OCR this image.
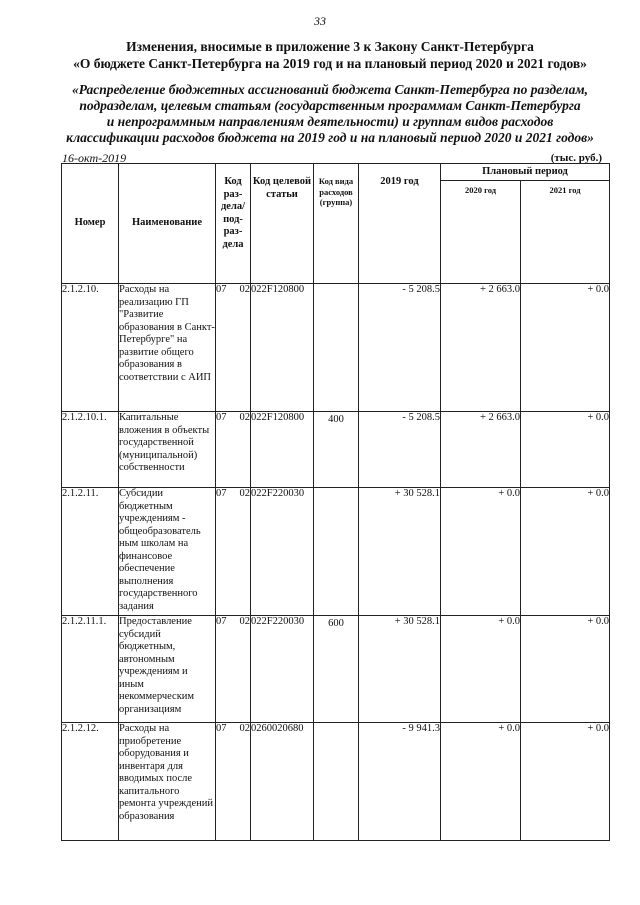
33
Изменения, вносимые в приложение 3 к Закону Санкт-Петербурга
«О бюджете Санкт-Петербурга на 2019 год и на плановый период 2020 и 2021 годов»
«Распределение бюджетных ассигнований бюджета Санкт-Петербурга по разделам,
подразделам, целевым статьям (государственным программам Санкт-Петербурга
и непрограммным направлениям деятельности) и группам видов расходов
классификации расходов бюджета на 2019 год и на плановый период 2020 и 2021 годов»
16-окт-2019	(тыс. руб.)
Номер	Наименование	Код раз-дела/ под-раз-дела	Код целевой статьи	Код вида расходов (группа)	2019 год	Плановый период	
						2020 год	2021 год
2.1.2.10.	Расходы на реализацию ГП "Развитие образования в Санкт-Петербурге" на развитие общего образования в соответствии с АИП	07 02	022F120800		- 5 208.5	+ 2 663.0	+ 0.0
2.1.2.10.1.	Капитальные вложения в объекты государственной (муниципальной) собственности	07 02	022F120800	400	- 5 208.5	+ 2 663.0	+ 0.0
2.1.2.11.	Субсидии бюджетным учреждениям - общеобразователь ным школам на финансовое обеспечение выполнения государственного задания	07 02	022F220030		+ 30 528.1	+ 0.0	+ 0.0
2.1.2.11.1.	Предоставление субсидий бюджетным, автономным учреждениям и иным некоммерческим организациям	07 02	022F220030	600	+ 30 528.1	+ 0.0	+ 0.0
2.1.2.12.	Расходы на приобретение оборудования и инвентаря для вводимых после капитального ремонта учреждений образования	07 02	0260020680		- 9 941.3	+ 0.0	+ 0.0
